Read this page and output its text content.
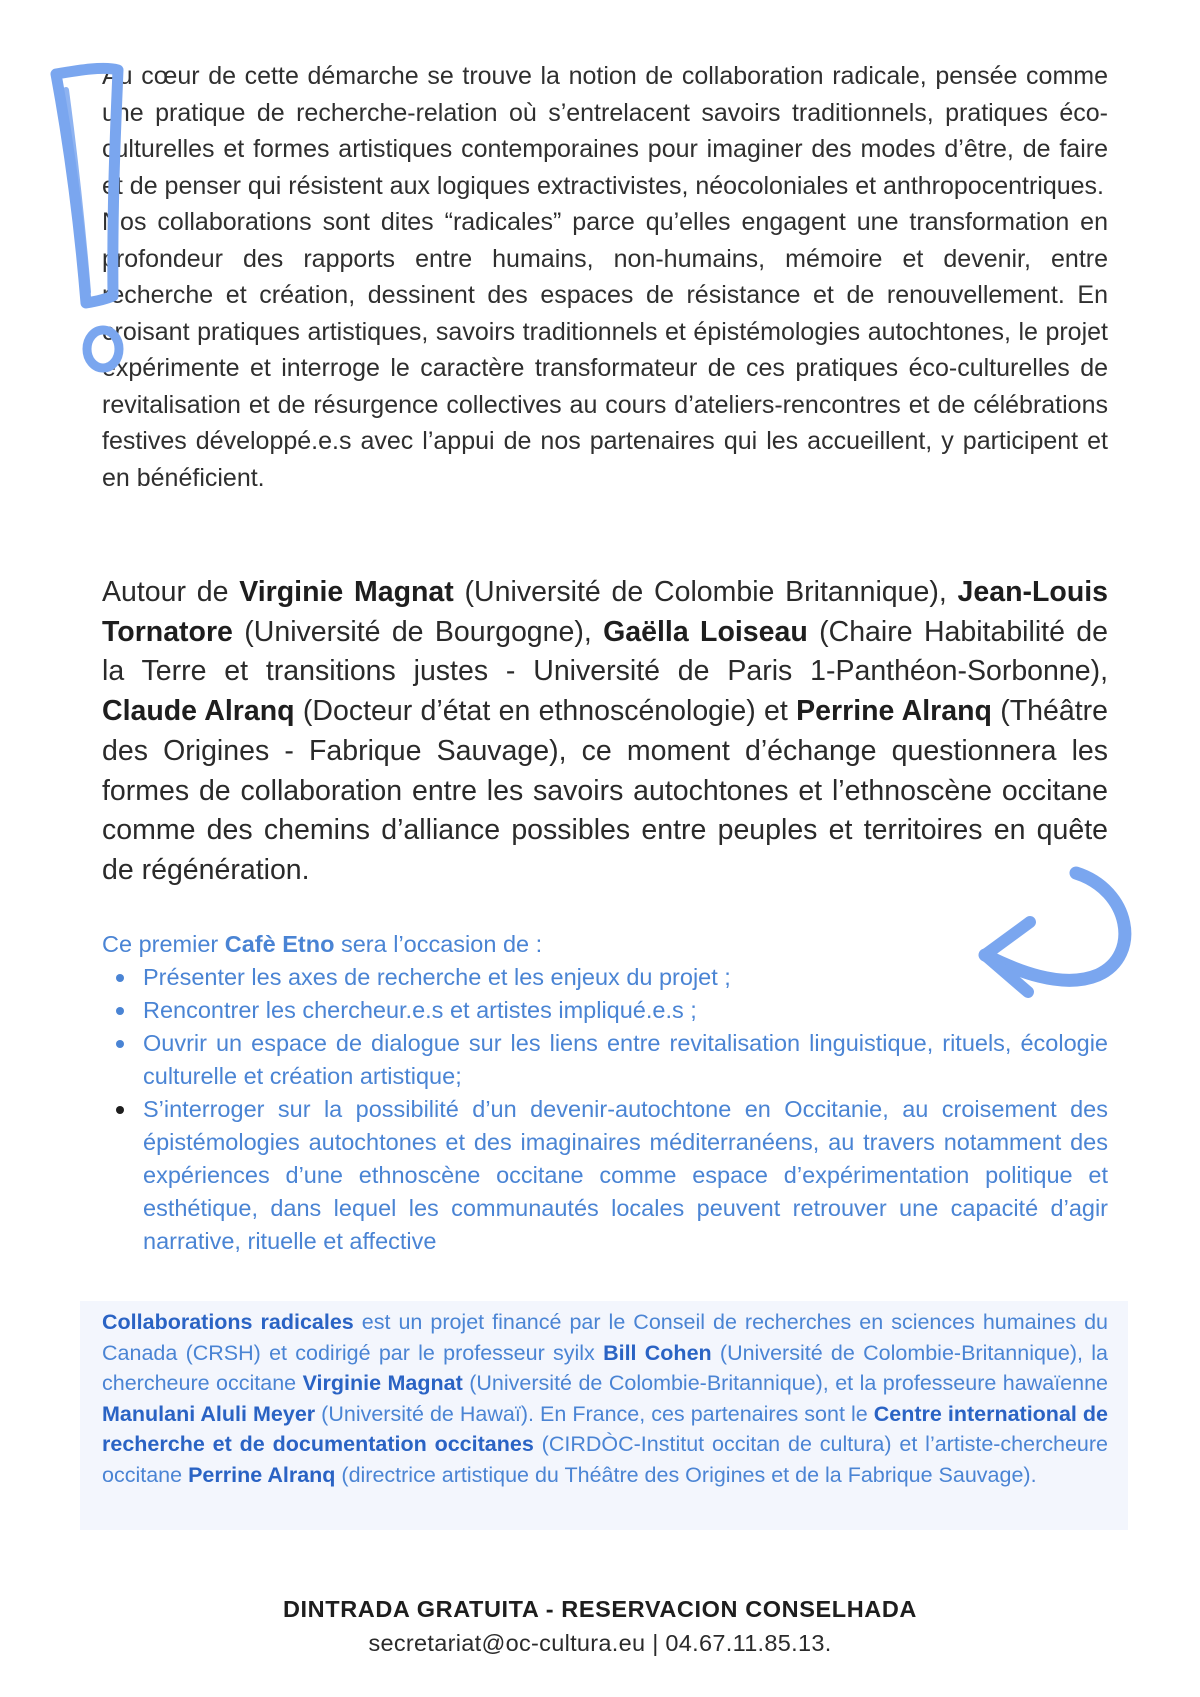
Au cœur de cette démarche se trouve la notion de collaboration radicale, pensée comme une pratique de recherche-relation où s’entrelacent savoirs traditionnels, pratiques éco-culturelles et formes artistiques contemporaines pour imaginer des modes d’être, de faire et de penser qui résistent aux logiques extractivistes, néocoloniales et anthropocentriques.

Nos collaborations sont dites “radicales” parce qu’elles engagent une transformation en profondeur des rapports entre humains, non-humains, mémoire et devenir, entre recherche et création, dessinent des espaces de résistance et de renouvellement. En croisant pratiques artistiques, savoirs traditionnels et épistémologies autochtones, le projet expérimente et interroge le caractère transformateur de ces pratiques éco-culturelles de revitalisation et de résurgence collectives au cours d’ateliers-rencontres et de célébrations festives développé.e.s avec l’appui de nos partenaires qui les accueillent, y participent et en bénéficient.

Autour de Virginie Magnat (Université de Colombie Britannique), Jean-Louis Tornatore (Université de Bourgogne), Gaëlla Loiseau (Chaire Habitabilité de la Terre et transitions justes - Université de Paris 1-Panthéon-Sorbonne), Claude Alranq (Docteur d’état en ethnoscénologie) et Perrine Alranq (Théâtre des Origines - Fabrique Sauvage), ce moment d’échange questionnera les formes de collaboration entre les savoirs autochtones et l’ethnoscène occitane comme des chemins d’alliance possibles entre peuples et territoires en quête de régénération.

Ce premier Cafè Etno sera l’occasion de :

Présenter les axes de recherche et les enjeux du projet ;
Rencontrer les chercheur.e.s et artistes impliqué.e.s ;
Ouvrir un espace de dialogue sur les liens entre revitalisation linguistique, rituels, écologie culturelle et création artistique;
S’interroger sur la possibilité d’un devenir-autochtone en Occitanie, au croisement des épistémologies autochtones et des imaginaires méditerranéens, au travers notamment des expériences d’une ethnoscène occitane comme espace d’expérimentation politique et esthétique, dans lequel les communautés locales peuvent retrouver une capacité d’agir narrative, rituelle et affective

Collaborations radicales est un projet financé par le Conseil de recherches en sciences humaines du Canada (CRSH) et codirigé par le professeur syilx Bill Cohen (Université de Colombie-Britannique), la chercheure occitane Virginie Magnat (Université de Colombie-Britannique), et la professeure hawaïenne Manulani Aluli Meyer (Université de Hawaï). En France, ces partenaires sont le Centre international de recherche et de documentation occitanes (CIRDÒC-Institut occitan de cultura) et l’artiste-chercheure occitane Perrine Alranq (directrice artistique du Théâtre des Origines et de la Fabrique Sauvage).

DINTRADA GRATUITA - RESERVACION CONSELHADA
secretariat@oc-cultura.eu | 04.67.11.85.13.
